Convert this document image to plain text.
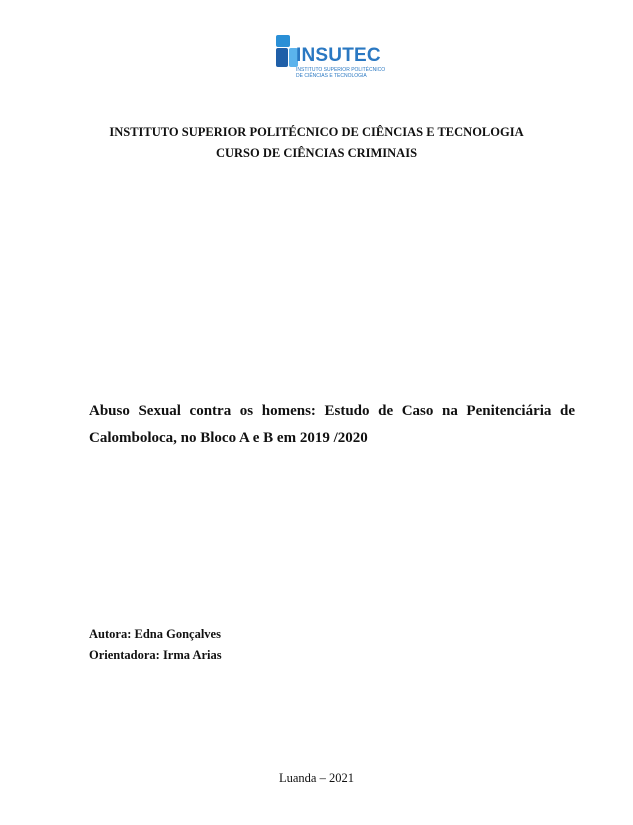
INSUTEC
INSTITUTO SUPERIOR POLITÉCNICO
DE CIÊNCIAS E TECNOLOGIA
INSTITUTO SUPERIOR POLITÉCNICO DE CIÊNCIAS E TECNOLOGIA
CURSO DE CIÊNCIAS CRIMINAIS
Abuso Sexual contra os homens: Estudo de Caso na Penitenciária de Calomboloca, no Bloco A e B em 2019 /2020
Autora: Edna Gonçalves
Orientadora: Irma Arias
Luanda – 2021
